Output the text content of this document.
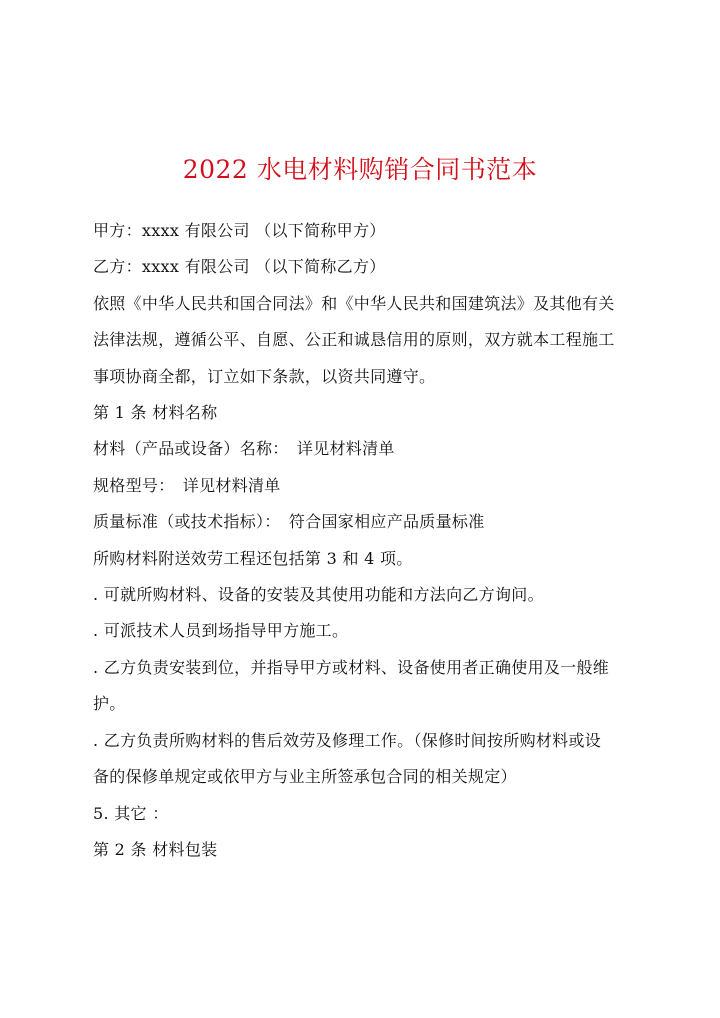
2022 水电材料购销合同书范本

甲方：xxxx 有限公司 （以下简称甲方）

乙方：xxxx 有限公司 （以下简称乙方）

依照《中华人民共和国合同法》和《中华人民共和国建筑法》及其他有关

法律法规，遵循公平、自愿、公正和诚恳信用的原则，双方就本工程施工

事项协商全都，订立如下条款，以资共同遵守。

第 1 条 材料名称

材料（产品或设备）名称：　详见材料清单

规格型号：　详见材料清单

质量标准（或技术指标）：　符合国家相应产品质量标准

所购材料附送效劳工程还包括第 3 和 4 项。

. 可就所购材料、设备的安装及其使用功能和方法向乙方询问。

. 可派技术人员到场指导甲方施工。

. 乙方负责安装到位，并指导甲方或材料、设备使用者正确使用及一般维

护。

. 乙方负责所购材料的售后效劳及修理工作。（保修时间按所购材料或设

备的保修单规定或依甲方与业主所签承包合同的相关规定）

5. 其它 ：

第 2 条 材料包装
